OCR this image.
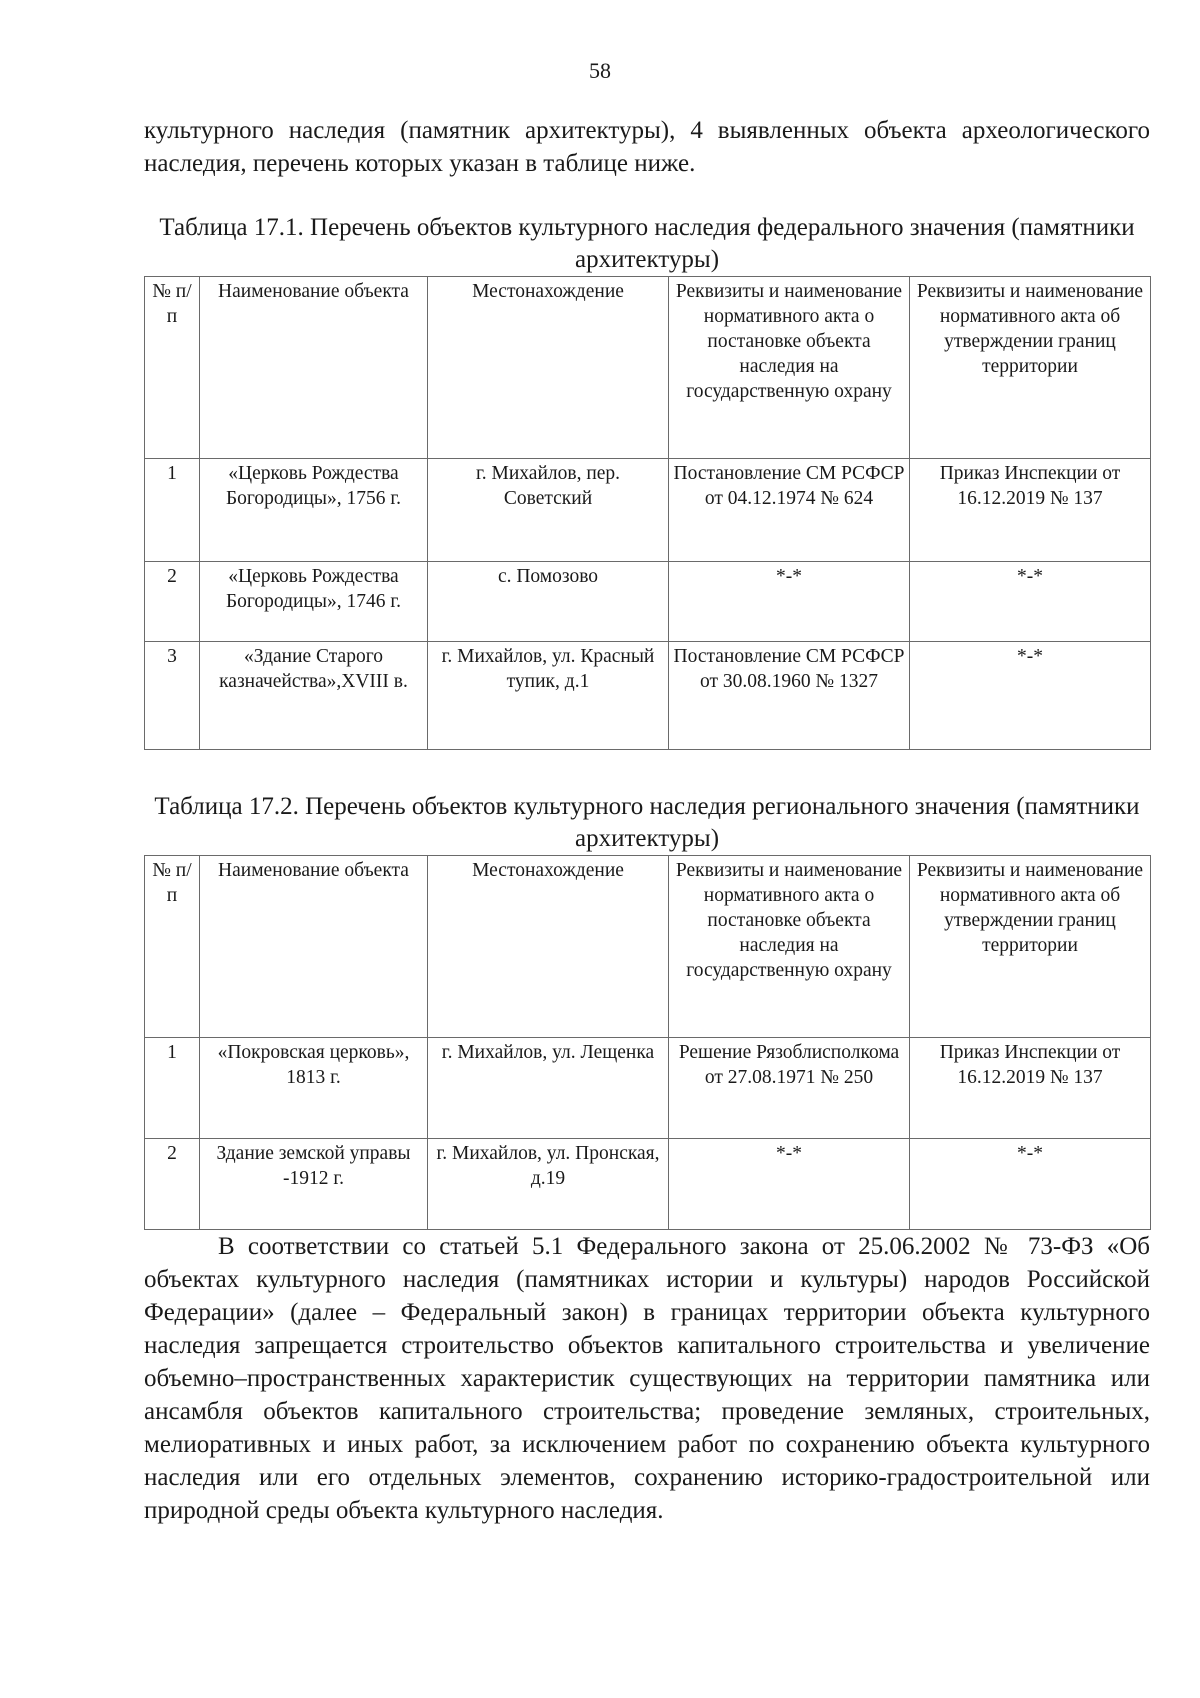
58

культурного наследия (памятник архитектуры), 4 выявленных объекта археологического наследия, перечень которых указан в таблице ниже.

Таблица 17.1. Перечень объектов культурного наследия федерального значения (памятники архитектуры)

№ п/п	Наименование объекта	Местонахождение	Реквизиты и наименование нормативного акта о постановке объекта наследия на государственную охрану	Реквизиты и наименование нормативного акта об утверждении границ территории
1	«Церковь Рождества Богородицы», 1756 г.	г. Михайлов, пер. Советский	Постановление СМ РСФСР от 04.12.1974 № 624	Приказ Инспекции от 16.12.2019 № 137
2	«Церковь Рождества Богородицы», 1746 г.	с. Помозово	*-*	*-*
3	«Здание Старого казначейства»,XVIII в.	г. Михайлов, ул. Красный тупик, д.1	Постановление СМ РСФСР от 30.08.1960 № 1327	*-*

Таблица 17.2. Перечень объектов культурного наследия регионального значения (памятники архитектуры)

№ п/п	Наименование объекта	Местонахождение	Реквизиты и наименование нормативного акта о постановке объекта наследия на государственную охрану	Реквизиты и наименование нормативного акта об утверждении границ территории
1	«Покровская церковь», 1813 г.	г. Михайлов, ул. Лещенка	Решение Рязоблисполкома от 27.08.1971 № 250	Приказ Инспекции от 16.12.2019 № 137
2	Здание земской управы -1912 г.	г. Михайлов, ул. Пронская, д.19	*-*	*-*

В соответствии со статьей 5.1 Федерального закона от 25.06.2002 № 73-ФЗ «Об объектах культурного наследия (памятниках истории и культуры) народов Российской Федерации» (далее – Федеральный закон) в границах территории объекта культурного наследия запрещается строительство объектов капитального строительства и увеличение объемно–пространственных характеристик существующих на территории памятника или ансамбля объектов капитального строительства; проведение земляных, строительных, мелиоративных и иных работ, за исключением работ по сохранению объекта культурного наследия или его отдельных элементов, сохранению историко-градостроительной или природной среды объекта культурного наследия.
